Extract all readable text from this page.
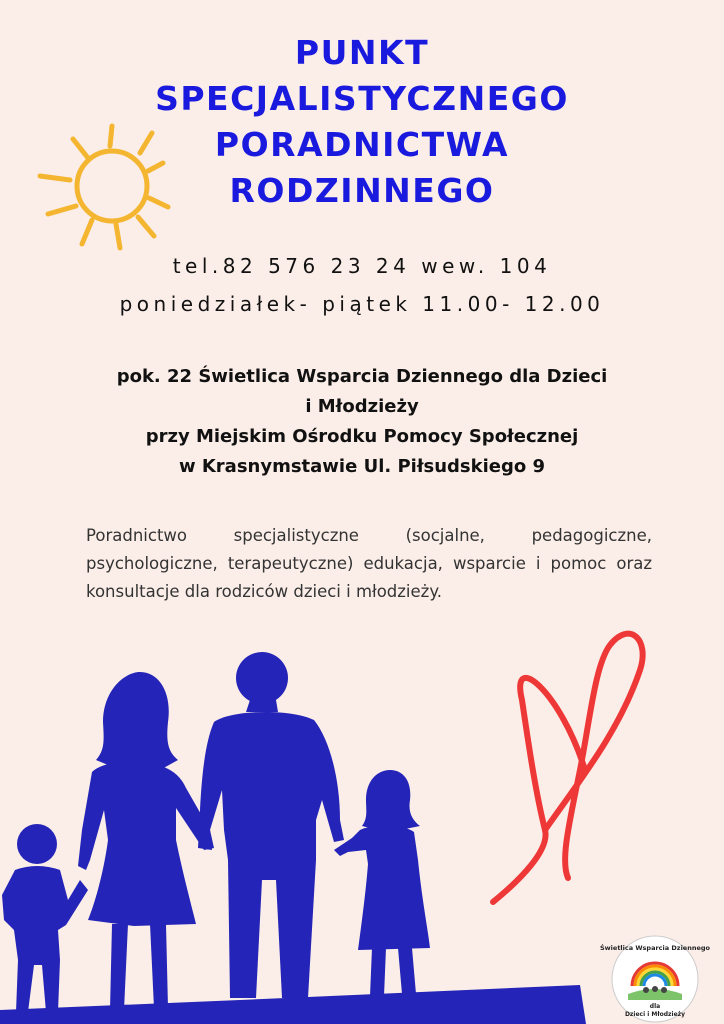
PUNKT
SPECJALISTYCZNEGO
PORADNICTWA
RODZINNEGO
tel.82 576 23 24 wew. 104
poniedziałek- piątek 11.00- 12.00
pok. 22 Świetlica Wsparcia Dziennego dla Dzieci
i Młodzieży
przy Miejskim Ośrodku Pomocy Społecznej
w Krasnymstawie Ul. Piłsudskiego 9
Poradnictwo specjalistyczne (socjalne, pedagogiczne, psychologiczne, terapeutyczne) edukacja, wsparcie i pomoc oraz konsultacje dla rodziców dzieci i młodzieży.
Świetlica Wsparcia Dziennego
dla
Dzieci i Młodzieży
